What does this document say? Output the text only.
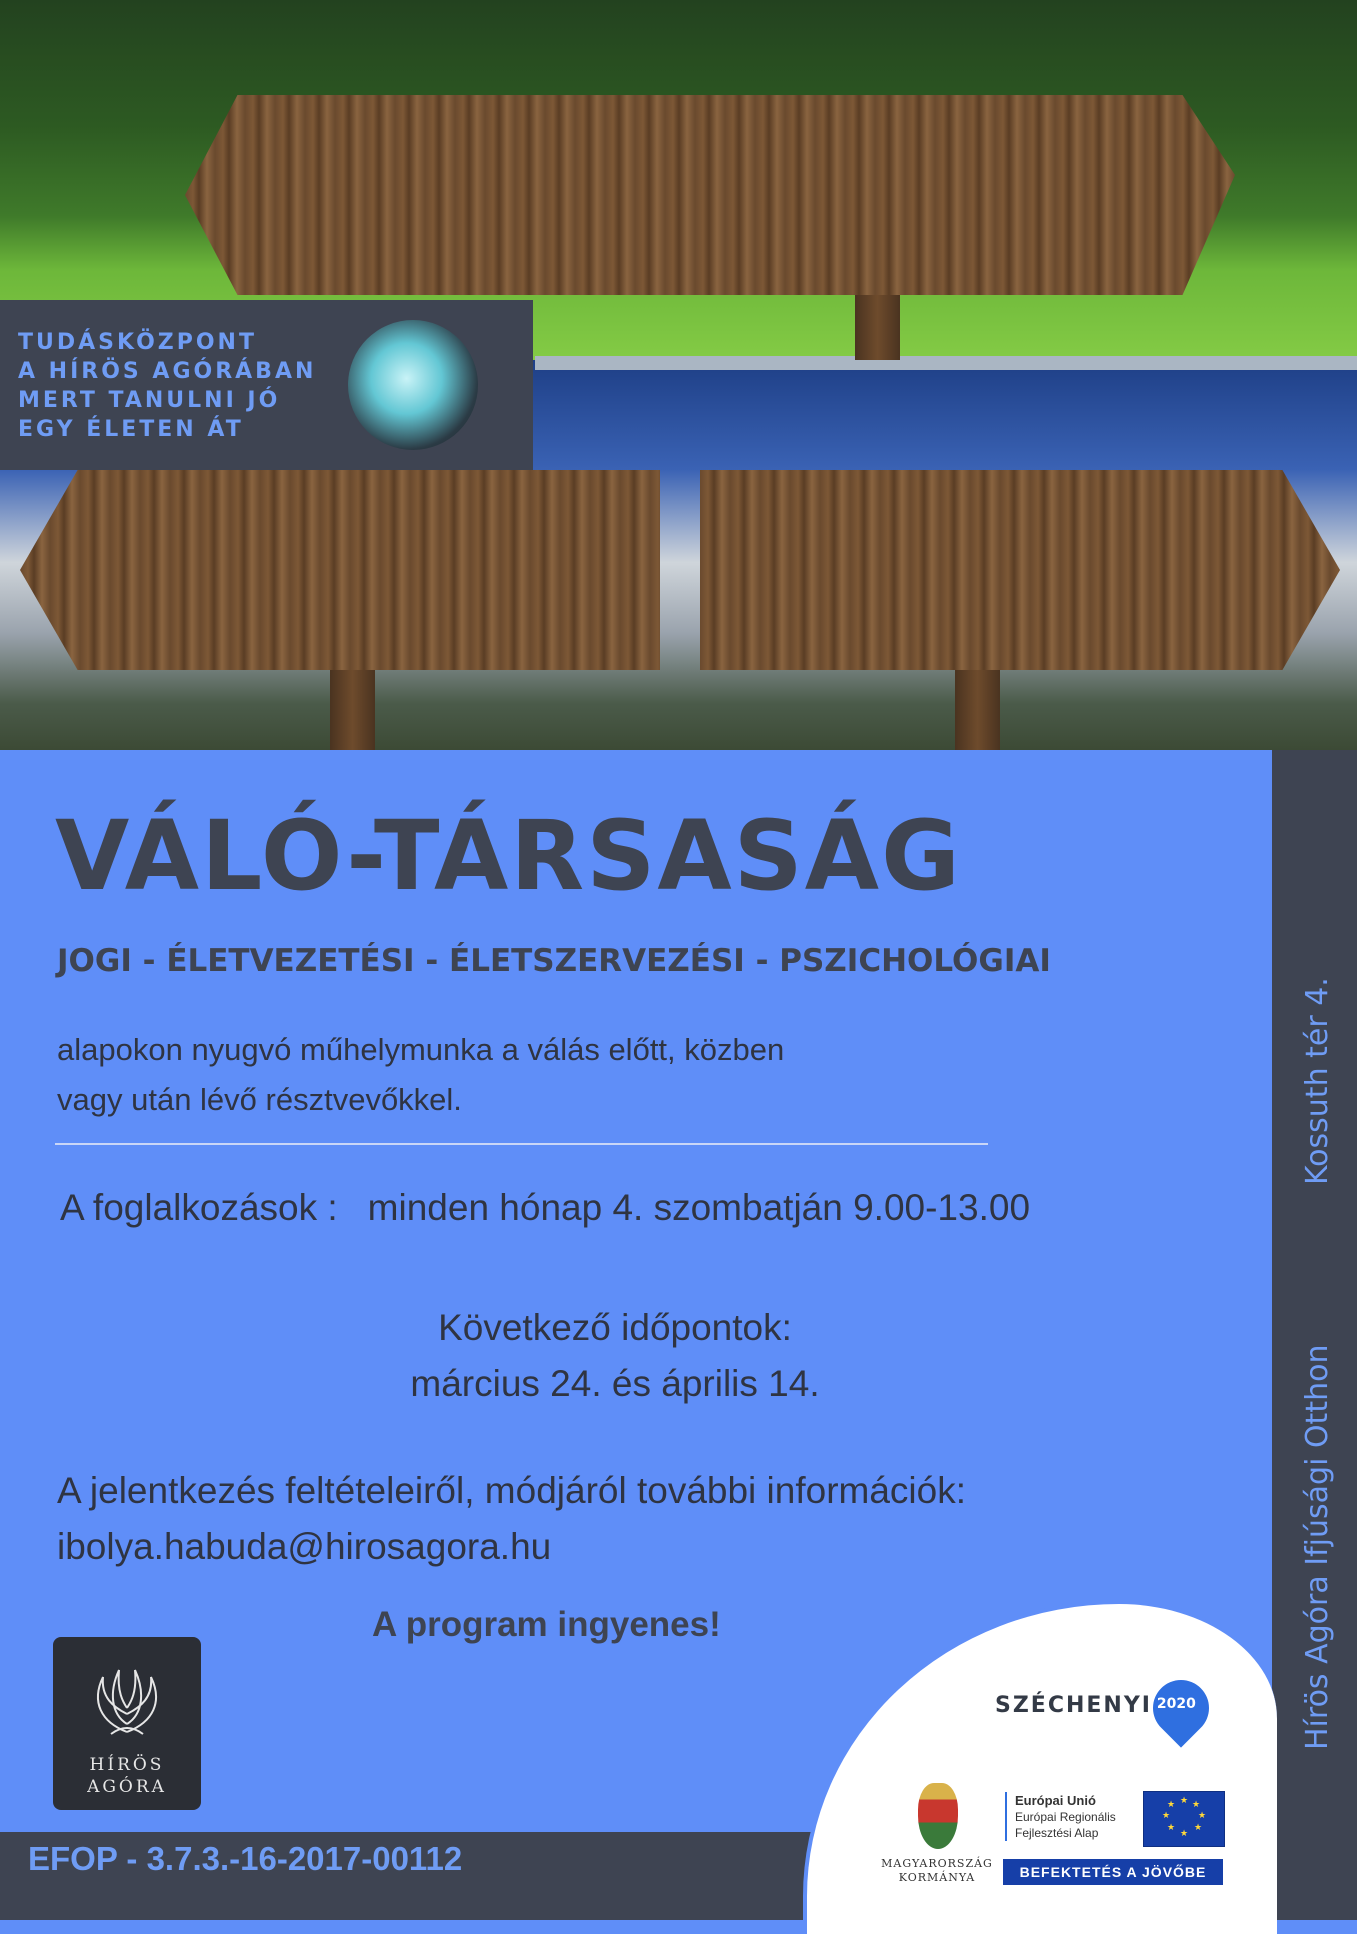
TUDÁSKÖZPONT
A HÍRÖS AGÓRÁBAN
MERT TANULNI JÓ
EGY ÉLETEN ÁT
Kossuth tér 4.
Hírös Agóra Ifjúsági Otthon
VÁLÓ-TÁRSASÁG
JOGI - ÉLETVEZETÉSI - ÉLETSZERVEZÉSI - PSZICHOLÓGIAI
alapokon nyugvó műhelymunka a válás előtt, közben
vagy után lévő résztvevőkkel.
A foglalkozások : minden hónap 4. szombatján 9.00-13.00
Következő időpontok:
március 24. és április 14.
A jelentkezés feltételeiről, módjáról további információk:
ibolya.habuda@hirosagora.hu
A program ingyenes!
HÍRÖS
AGÓRA
EFOP - 3.7.3.-16-2017-00112
SZÉCHENYI 2020
MAGYARORSZÁG
KORMÁNYA
Európai Unió
Európai Regionális
Fejlesztési Alap
★ ★
★
★
★
★
★
★
BEFEKTETÉS A JÖVŐBE
